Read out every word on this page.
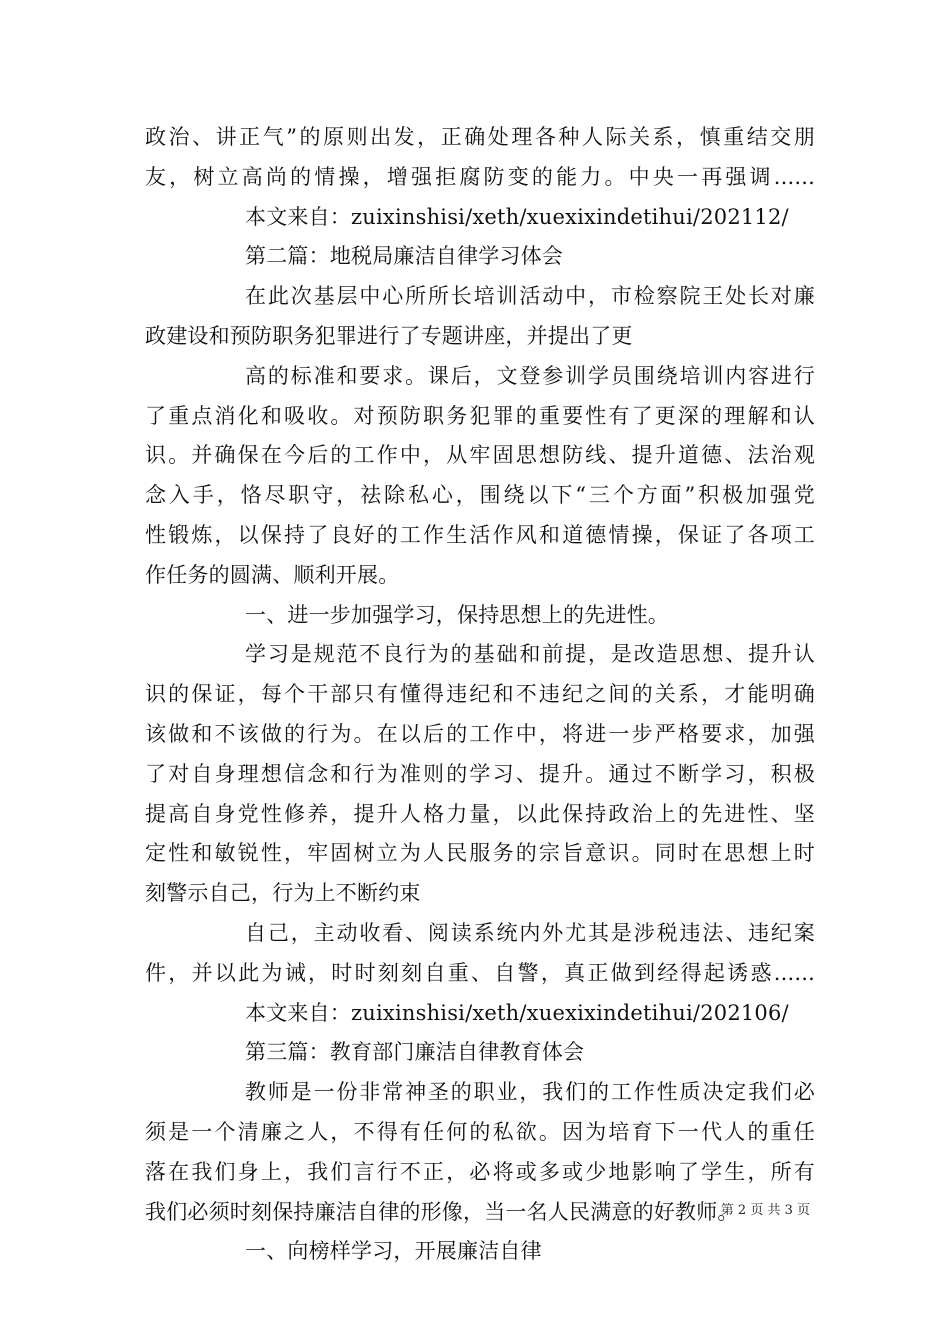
政治、讲正气”的原则出发，正确处理各种人际关系，慎重结交朋
友，树立高尚的情操，增强拒腐防变的能力。中央一再强调......
本文来自：zuixinshisi/xeth/xuexixindetihui/202112/
第二篇：地税局廉洁自律学习体会
在此次基层中心所所长培训活动中，市检察院王处长对廉
政建设和预防职务犯罪进行了专题讲座，并提出了更
高的标准和要求。课后，文登参训学员围绕培训内容进行
了重点消化和吸收。对预防职务犯罪的重要性有了更深的理解和认
识。并确保在今后的工作中，从牢固思想防线、提升道德、法治观
念入手，恪尽职守，祛除私心，围绕以下“三个方面”积极加强党
性锻炼，以保持了良好的工作生活作风和道德情操，保证了各项工
作任务的圆满、顺利开展。
一、进一步加强学习，保持思想上的先进性。
学习是规范不良行为的基础和前提，是改造思想、提升认
识的保证，每个干部只有懂得违纪和不违纪之间的关系，才能明确
该做和不该做的行为。在以后的工作中，将进一步严格要求，加强
了对自身理想信念和行为准则的学习、提升。通过不断学习，积极
提高自身党性修养，提升人格力量，以此保持政治上的先进性、坚
定性和敏锐性，牢固树立为人民服务的宗旨意识。同时在思想上时
刻警示自己，行为上不断约束
自己，主动收看、阅读系统内外尤其是涉税违法、违纪案
件，并以此为诫，时时刻刻自重、自警，真正做到经得起诱惑......
本文来自：zuixinshisi/xeth/xuexixindetihui/202106/
第三篇：教育部门廉洁自律教育体会
教师是一份非常神圣的职业，我们的工作性质决定我们必
须是一个清廉之人，不得有任何的私欲。因为培育下一代人的重任
落在我们身上，我们言行不正，必将或多或少地影响了学生，所有
我们必须时刻保持廉洁自律的形像，当一名人民满意的好教师。
一、向榜样学习，开展廉洁自律
第 2 页 共 3 页
